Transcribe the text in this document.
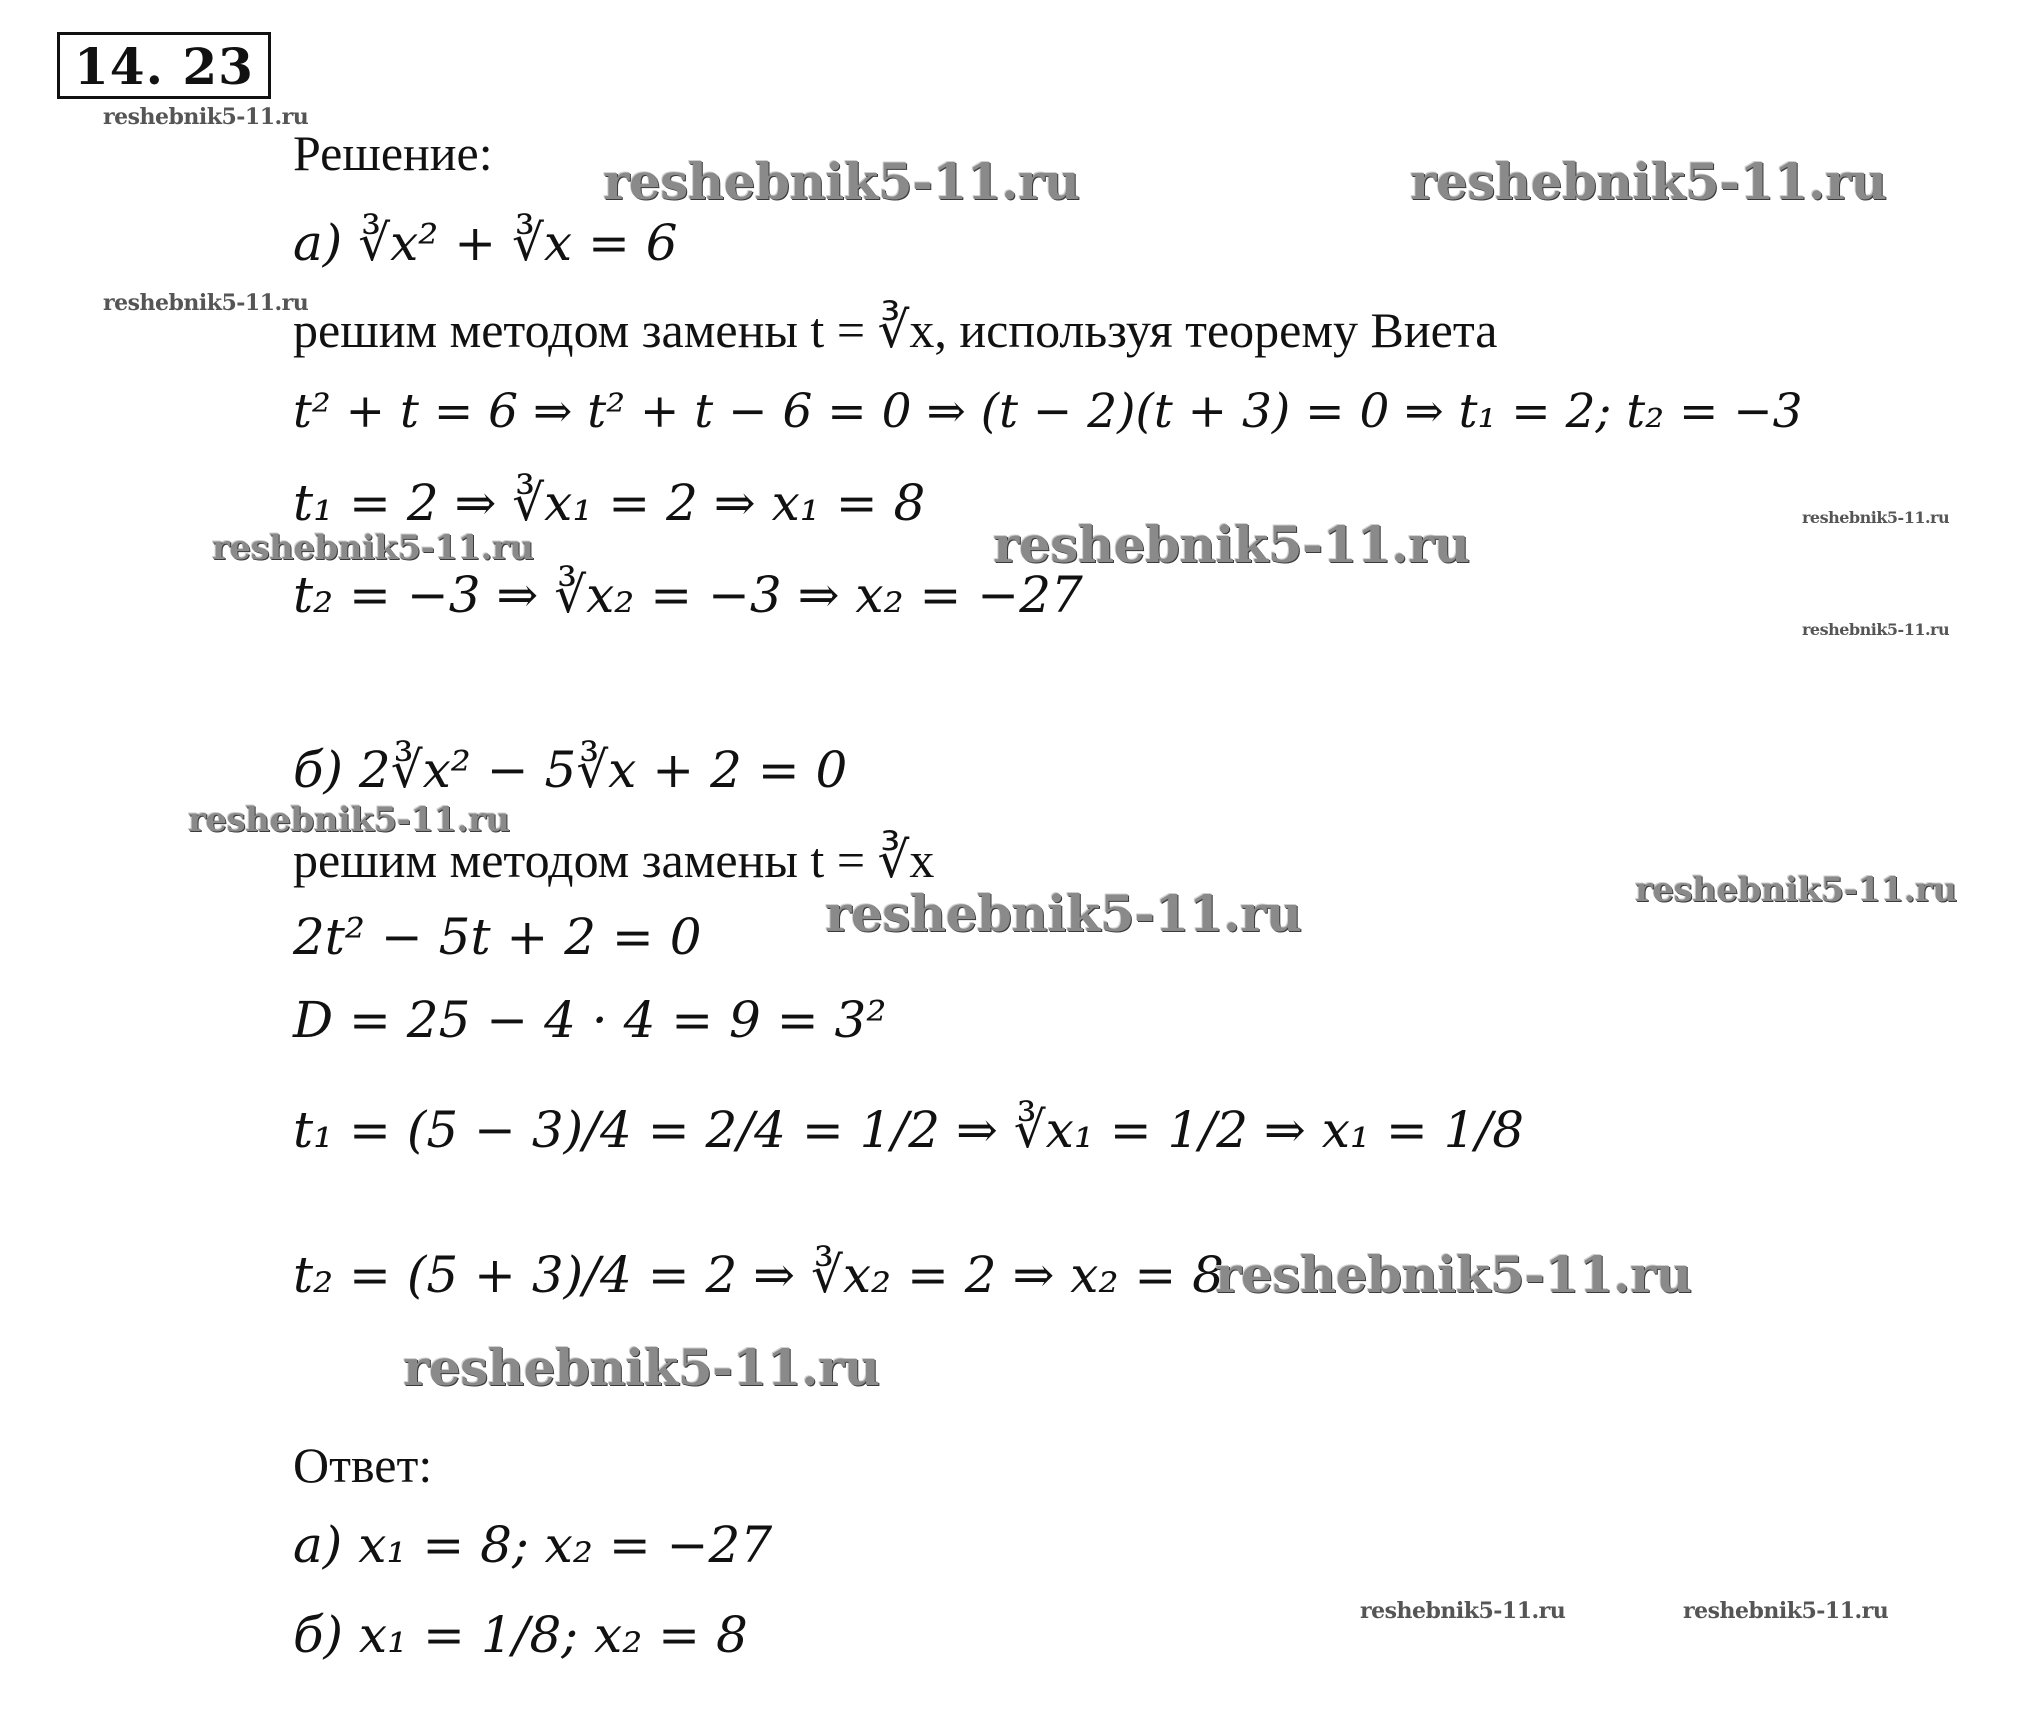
14. 23
Решение:
а) ∛x² + ∛x = 6
решим методом замены t = ∛x, используя теорему Виета
t² + t = 6 ⇒ t² + t − 6 = 0 ⇒ (t − 2)(t + 3) = 0 ⇒ t₁ = 2; t₂ = −3
t₁ = 2 ⇒ ∛x₁ = 2 ⇒ x₁ = 8
t₂ = −3 ⇒ ∛x₂ = −3 ⇒ x₂ = −27
б) 2∛x² − 5∛x + 2 = 0
решим методом замены t = ∛x
2t² − 5t + 2 = 0
D = 25 − 4 · 4 = 9 = 3²
t₁ = (5 − 3)/4 = 2/4 = 1/2 ⇒ ∛x₁ = 1/2 ⇒ x₁ = 1/8
t₂ = (5 + 3)/4 = 2 ⇒ ∛x₂ = 2 ⇒ x₂ = 8
Ответ:
а) x₁ = 8; x₂ = −27
б) x₁ = 1/8; x₂ = 8
reshebnik5-11.ru
reshebnik5-11.ru	reshebnik5-11.ru
reshebnik5-11.ru
reshebnik5-11.ru
reshebnik5-11.ru	reshebnik5-11.ru
reshebnik5-11.ru
reshebnik5-11.ru
reshebnik5-11.ru
reshebnik5-11.ru
reshebnik5-11.ru
reshebnik5-11.ru
reshebnik5-11.ru	reshebnik5-11.ru
